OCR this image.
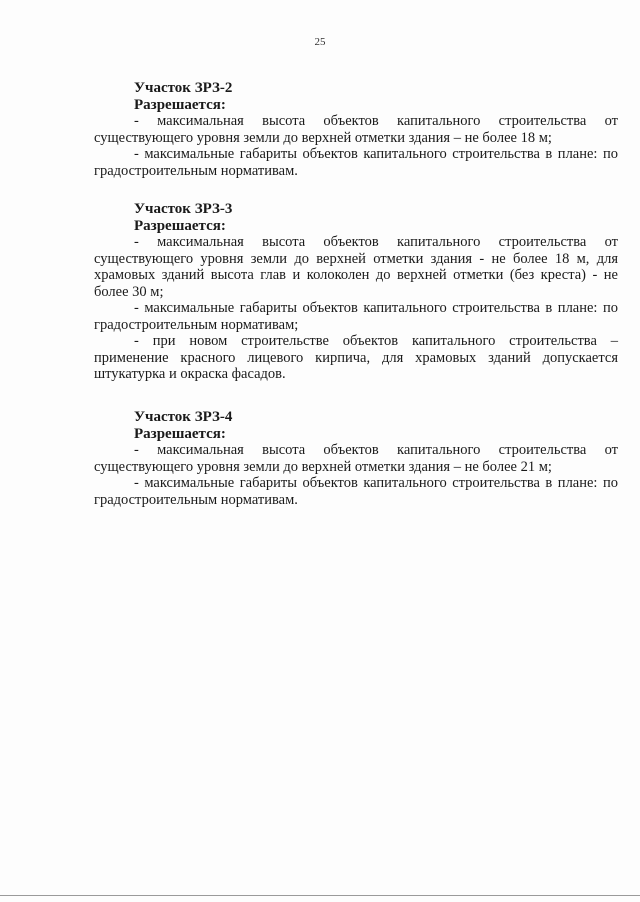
25
Участок ЗРЗ-2
Разрешается:

- максимальная высота объектов капитального строительства от существующего уровня земли до верхней отметки здания – не более 18 м;

- максимальные габариты объектов капитального строительства в плане: по градостроительным нормативам.

Участок ЗРЗ-3
Разрешается:

- максимальная высота объектов капитального строительства от существующего уровня земли до верхней отметки здания - не более 18 м, для храмовых зданий высота глав и колоколен до верхней отметки (без креста) - не более 30 м;

- максимальные габариты объектов капитального строительства в плане: по градостроительным нормативам;

- при новом строительстве объектов капитального строительства – применение красного лицевого кирпича, для храмовых зданий допускается штукатурка и окраска фасадов.

Участок ЗРЗ-4
Разрешается:

- максимальная высота объектов капитального строительства от существующего уровня земли до верхней отметки здания – не более 21 м;

- максимальные габариты объектов капитального строительства в плане: по градостроительным нормативам.
